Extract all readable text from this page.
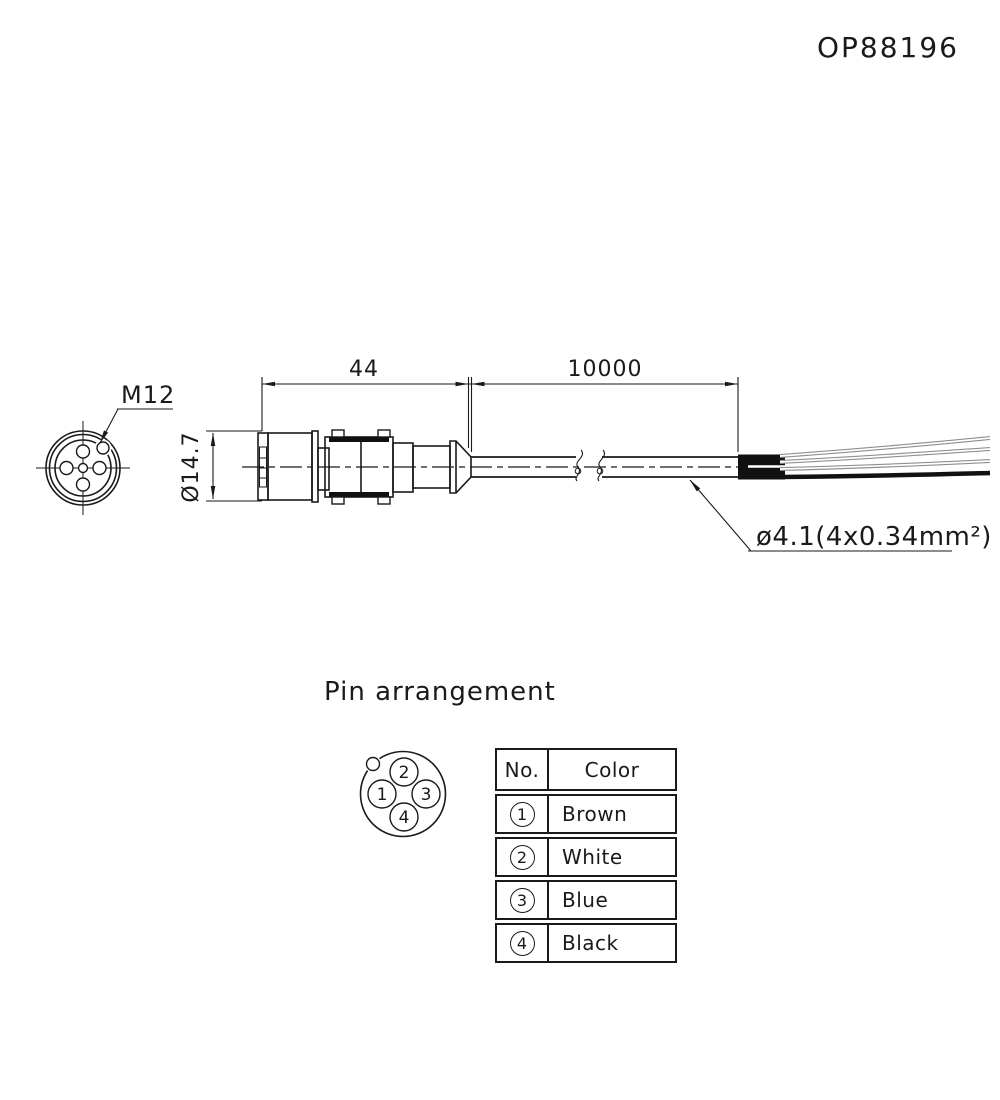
OP88196
M12
Ø14.7
44	10000
ø4.1(4x0.34mm²)
Pin arrangement
1
2
3
4
No.	Color
1	Brown
2	White
3	Blue
4	Black
